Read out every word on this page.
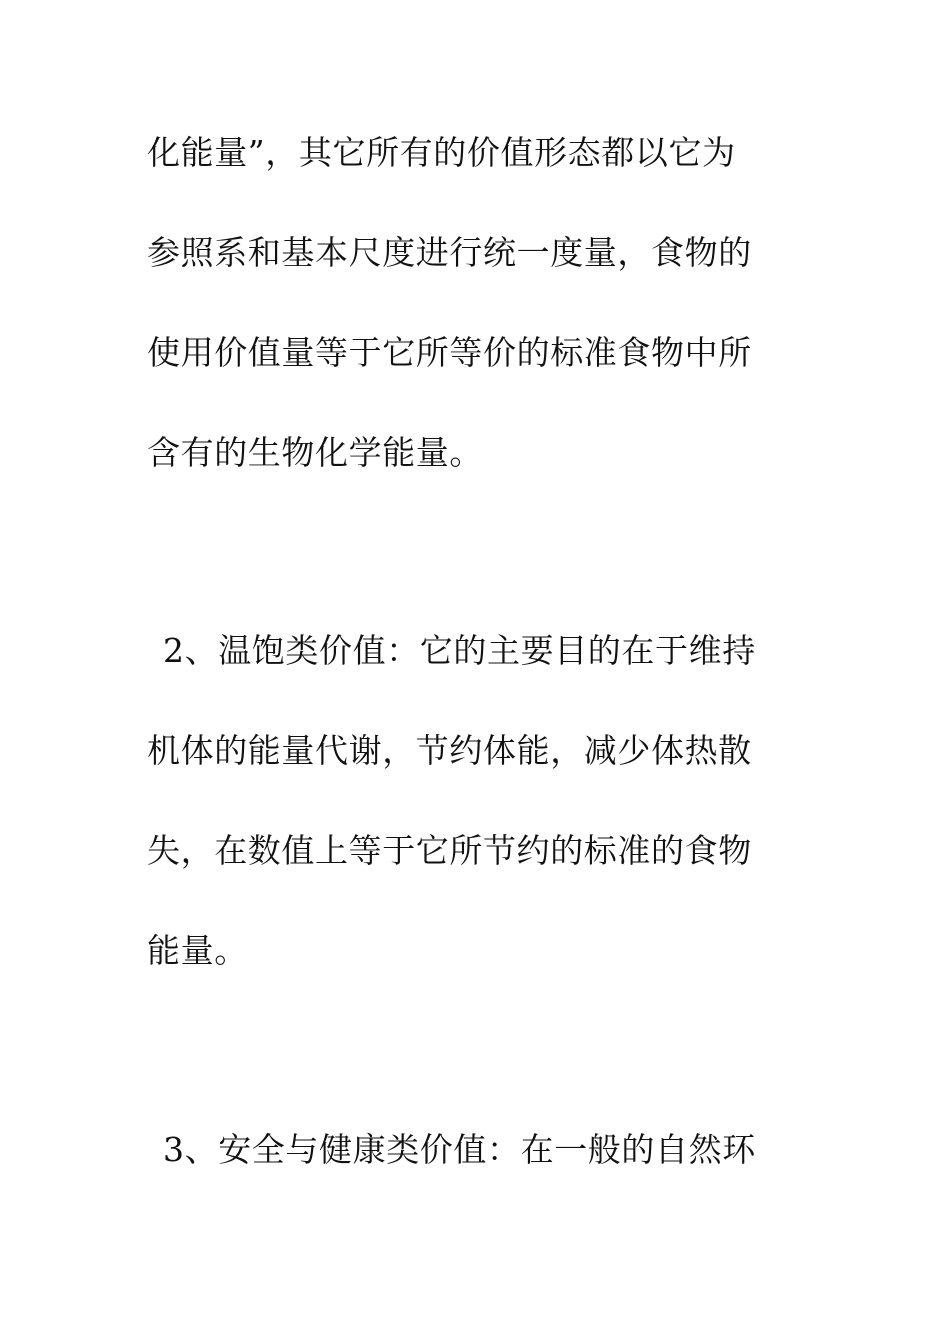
化能量”，其它所有的价值形态都以它为
参照系和基本尺度进行统一度量，食物的
使用价值量等于它所等价的标准食物中所
含有的生物化学能量。
2、温饱类价值：它的主要目的在于维持
机体的能量代谢，节约体能，减少体热散
失，在数值上等于它所节约的标准的食物
能量。
3、安全与健康类价值：在一般的自然环
